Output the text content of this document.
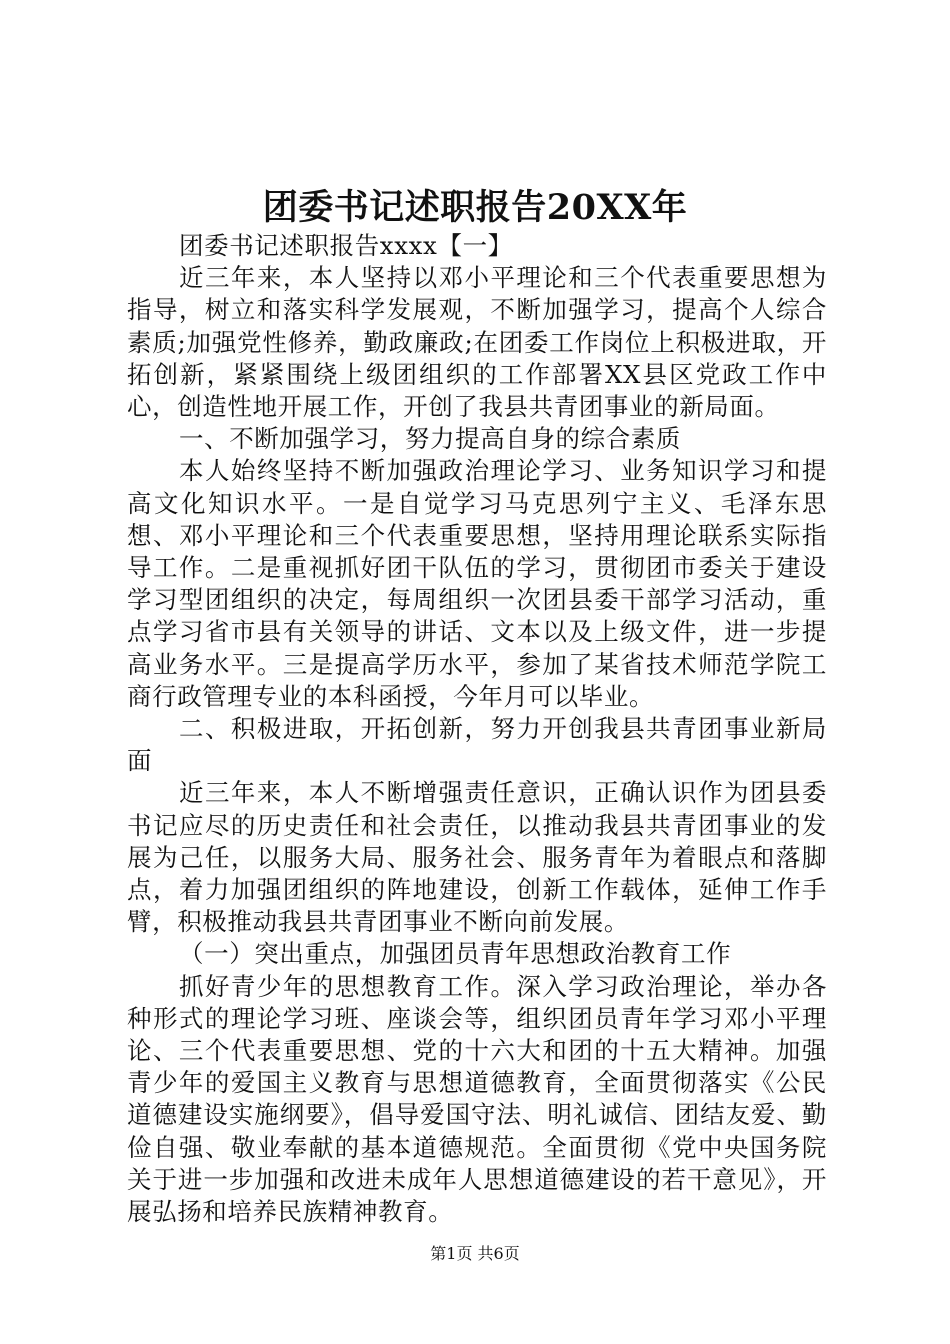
团委书记述职报告20XX年

团委书记述职报告xxxx【一】

近三年来，本人坚持以邓小平理论和三个代表重要思想为指导，树立和落实科学发展观，不断加强学习，提高个人综合素质;加强党性修养，勤政廉政;在团委工作岗位上积极进取，开拓创新，紧紧围绕上级团组织的工作部署XX县区党政工作中心，创造性地开展工作，开创了我县共青团事业的新局面。

一、不断加强学习，努力提高自身的综合素质

本人始终坚持不断加强政治理论学习、业务知识学习和提高文化知识水平。一是自觉学习马克思列宁主义、毛泽东思想、邓小平理论和三个代表重要思想，坚持用理论联系实际指导工作。二是重视抓好团干队伍的学习，贯彻团市委关于建设学习型团组织的决定，每周组织一次团县委干部学习活动，重点学习省市县有关领导的讲话、文本以及上级文件，进一步提高业务水平。三是提高学历水平，参加了某省技术师范学院工商行政管理专业的本科函授，今年月可以毕业。

二、积极进取，开拓创新，努力开创我县共青团事业新局面

近三年来，本人不断增强责任意识，正确认识作为团县委书记应尽的历史责任和社会责任，以推动我县共青团事业的发展为己任，以服务大局、服务社会、服务青年为着眼点和落脚点，着力加强团组织的阵地建设，创新工作载体，延伸工作手臂，积极推动我县共青团事业不断向前发展。

（一）突出重点，加强团员青年思想政治教育工作

抓好青少年的思想教育工作。深入学习政治理论，举办各种形式的理论学习班、座谈会等，组织团员青年学习邓小平理论、三个代表重要思想、党的十六大和团的十五大精神。加强青少年的爱国主义教育与思想道德教育，全面贯彻落实《公民道德建设实施纲要》，倡导爱国守法、明礼诚信、团结友爱、勤俭自强、敬业奉献的基本道德规范。全面贯彻《党中央国务院关于进一步加强和改进未成年人思想道德建设的若干意见》，开展弘扬和培养民族精神教育。

第1页 共6页
